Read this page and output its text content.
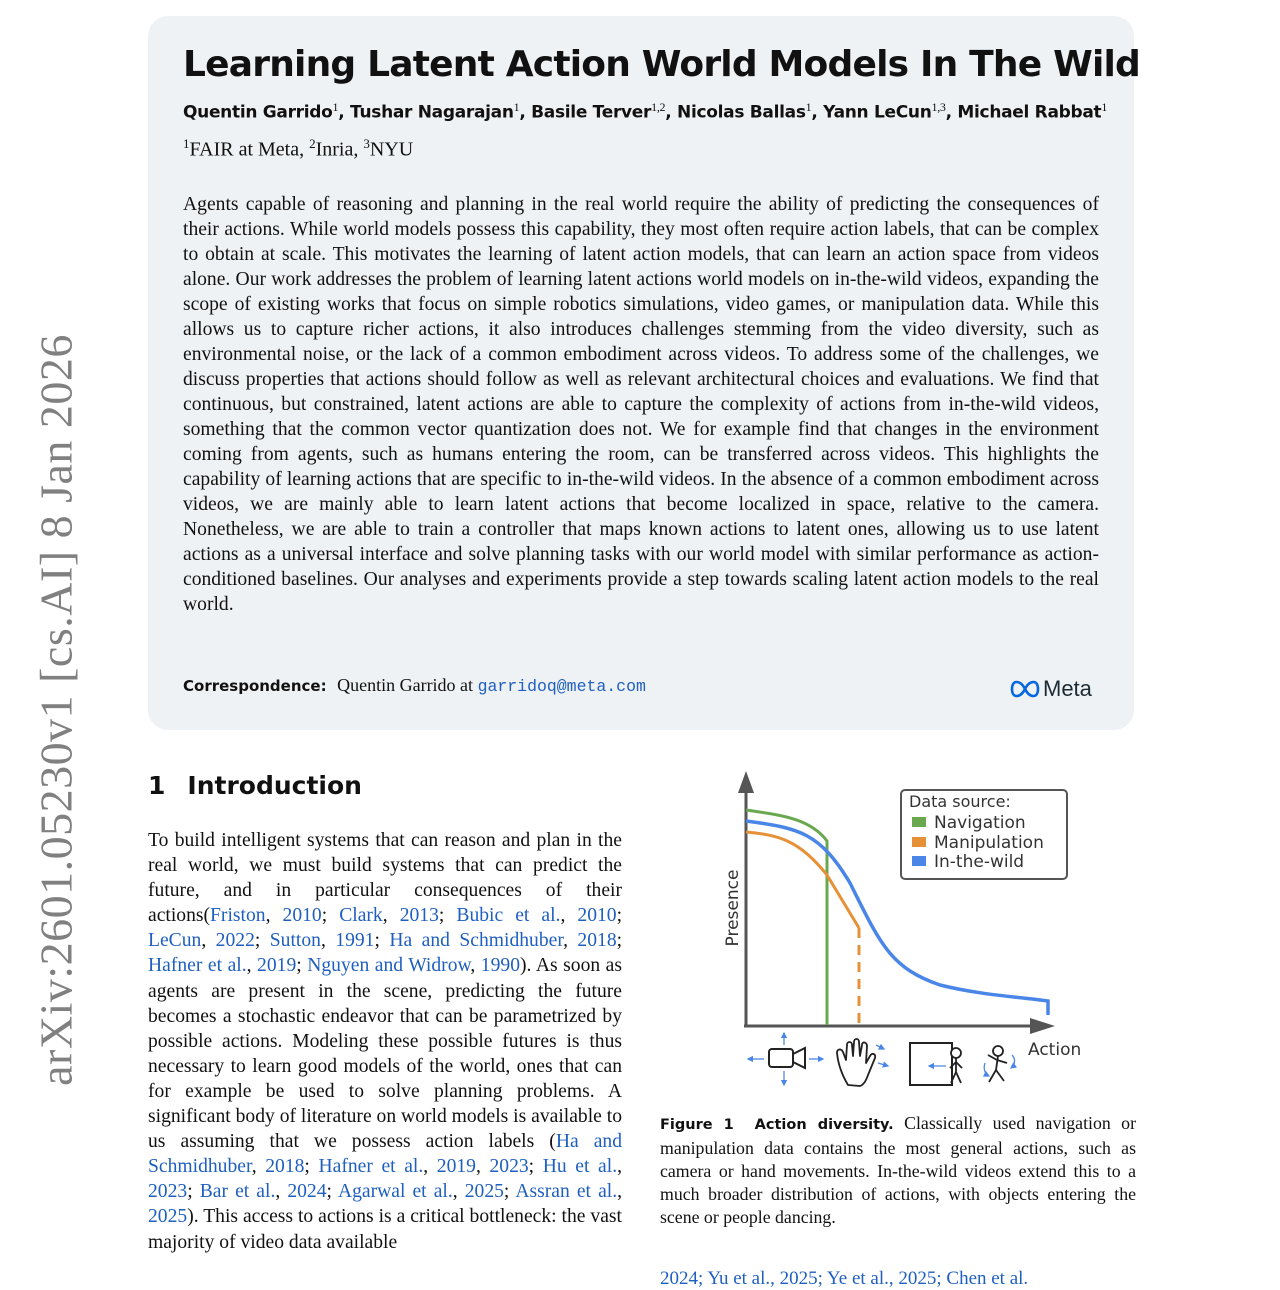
arXiv:2601.05230v1 [cs.AI] 8 Jan 2026
Learning Latent Action World Models In The Wild
Quentin Garrido$^1$, Tushar Nagarajan$^1$, Basile Terver$^{1,2}$, Nicolas Ballas$^1$, Yann LeCun$^{1,3}$, Michael Rabbat$^1$
$^1$FAIR at Meta, $^2$Inria, $^3$NYU

Agents capable of reasoning and planning in the real world require the ability of predicting the consequences of their actions. While world models possess this capability, they most often require action labels, that can be complex to obtain at scale. This motivates the learning of latent action models, that can learn an action space from videos alone. Our work addresses the problem of learning latent actions world models on in-the-wild videos, expanding the scope of existing works that focus on simple robotics simulations, video games, or manipulation data. While this allows us to capture richer actions, it also introduces challenges stemming from the video diversity, such as environmental noise, or the lack of a common embodiment across videos. To address some of the challenges, we discuss properties that actions should follow as well as relevant architectural choices and evaluations. We find that continuous, but constrained, latent actions are able to capture the complexity of actions from in-the-wild videos, something that the common vector quantization does not. We for example find that changes in the environment coming from agents, such as humans entering the room, can be transferred across videos. This highlights the capability of learning actions that are specific to in-the-wild videos. In the absence of a common embodiment across videos, we are mainly able to learn latent actions that become localized in space, relative to the camera. Nonetheless, we are able to train a controller that maps known actions to latent ones, allowing us to use latent actions as a universal interface and solve planning tasks with our world model with similar performance as action-conditioned baselines. Our analyses and experiments provide a step towards scaling latent action models to the real world.

Correspondence: Quentin Garrido at garridoq@meta.com	Meta
1 Introduction

To build intelligent systems that can reason and plan in the real world, we must build systems that can predict the future, and in particular consequences of their actions(Friston, 2010; Clark, 2013; Bubic et al., 2010; LeCun, 2022; Sutton, 1991; Ha and Schmidhuber, 2018; Hafner et al., 2019; Nguyen and Widrow, 1990). As soon as agents are present in the scene, predicting the future becomes a stochastic endeavor that can be parametrized by possible actions. Modeling these possible futures is thus necessary to learn good models of the world, ones that can for example be used to solve planning problems. A significant body of literature on world models is available to us assuming that we possess action labels (Ha and Schmidhuber, 2018; Hafner et al., 2019, 2023; Hu et al., 2023; Bar et al., 2024; Agarwal et al., 2025; Assran et al., 2025). This access to actions is a critical bottleneck: the vast majority of video data available

Presence
Action
Data source:
Navigation
Manipulation
In-the-wild

Figure 1 Action diversity. Classically used navigation or manipulation data contains the most general actions, such as camera or hand movements. In-the-wild videos extend this to a much broader distribution of actions, with objects entering the scene or people dancing.

2024; Yu et al., 2025; Ye et al., 2025; Chen et al.
